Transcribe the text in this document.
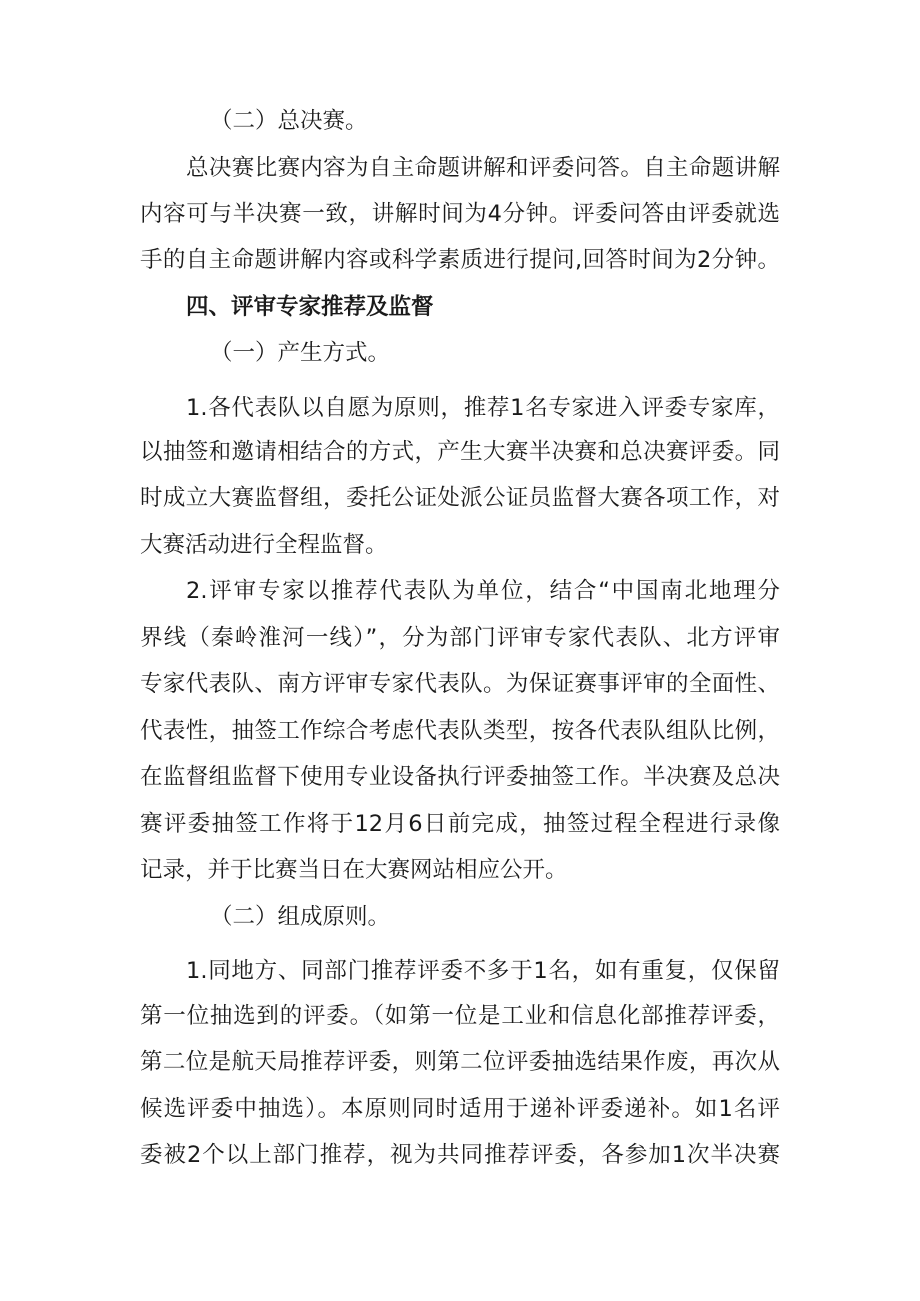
（二）总决赛。
总决赛比赛内容为自主命题讲解和评委问答。自主命题讲解
内容可与半决赛一致，讲解时间为4分钟。评委问答由评委就选
手的自主命题讲解内容或科学素质进行提问,回答时间为2分钟。
四、评审专家推荐及监督
（一）产生方式。
1.各代表队以自愿为原则，推荐1名专家进入评委专家库，
以抽签和邀请相结合的方式，产生大赛半决赛和总决赛评委。同
时成立大赛监督组，委托公证处派公证员监督大赛各项工作，对
大赛活动进行全程监督。
2.评审专家以推荐代表队为单位，结合“中国南北地理分
界线（秦岭淮河一线）”，分为部门评审专家代表队、北方评审
专家代表队、南方评审专家代表队。为保证赛事评审的全面性、
代表性，抽签工作综合考虑代表队类型，按各代表队组队比例，
在监督组监督下使用专业设备执行评委抽签工作。半决赛及总决
赛评委抽签工作将于12月6日前完成，抽签过程全程进行录像
记录，并于比赛当日在大赛网站相应公开。
（二）组成原则。
1.同地方、同部门推荐评委不多于1名，如有重复，仅保留
第一位抽选到的评委。（如第一位是工业和信息化部推荐评委，
第二位是航天局推荐评委，则第二位评委抽选结果作废，再次从
候选评委中抽选）。本原则同时适用于递补评委递补。如1名评
委被2个以上部门推荐，视为共同推荐评委，各参加1次半决赛
